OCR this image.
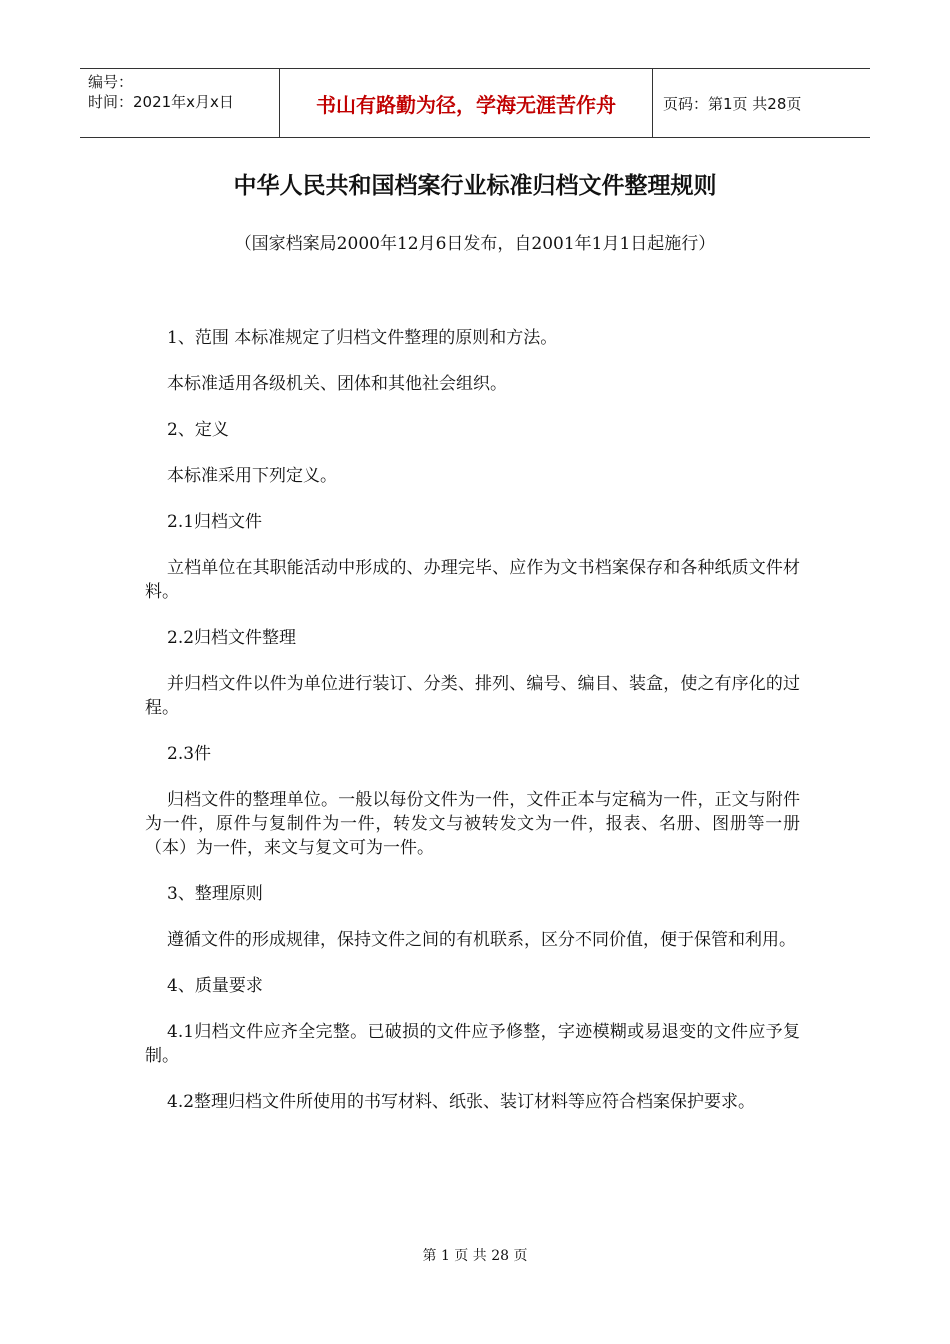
编号：
时间：2021年x月x日	书山有路勤为径，学海无涯苦作舟	页码：第1页 共28页
中华人民共和国档案行业标准归档文件整理规则
（国家档案局2000年12月6日发布，自2001年1月1日起施行）

1、范围 本标准规定了归档文件整理的原则和方法。

本标准适用各级机关、团体和其他社会组织。

2、定义

本标准采用下列定义。

2.1归档文件

立档单位在其职能活动中形成的、办理完毕、应作为文书档案保存和各种纸质文件材料。

2.2归档文件整理

并归档文件以件为单位进行装订、分类、排列、编号、编目、装盒，使之有序化的过程。

2.3件

归档文件的整理单位。一般以每份文件为一件，文件正本与定稿为一件，正文与附件为一件，原件与复制件为一件，转发文与被转发文为一件，报表、名册、图册等一册（本）为一件，来文与复文可为一件。

3、整理原则

遵循文件的形成规律，保持文件之间的有机联系，区分不同价值，便于保管和利用。

4、质量要求

4.1归档文件应齐全完整。已破损的文件应予修整，字迹模糊或易退变的文件应予复制。

4.2整理归档文件所使用的书写材料、纸张、装订材料等应符合档案保护要求。

第 1 页 共 28 页
